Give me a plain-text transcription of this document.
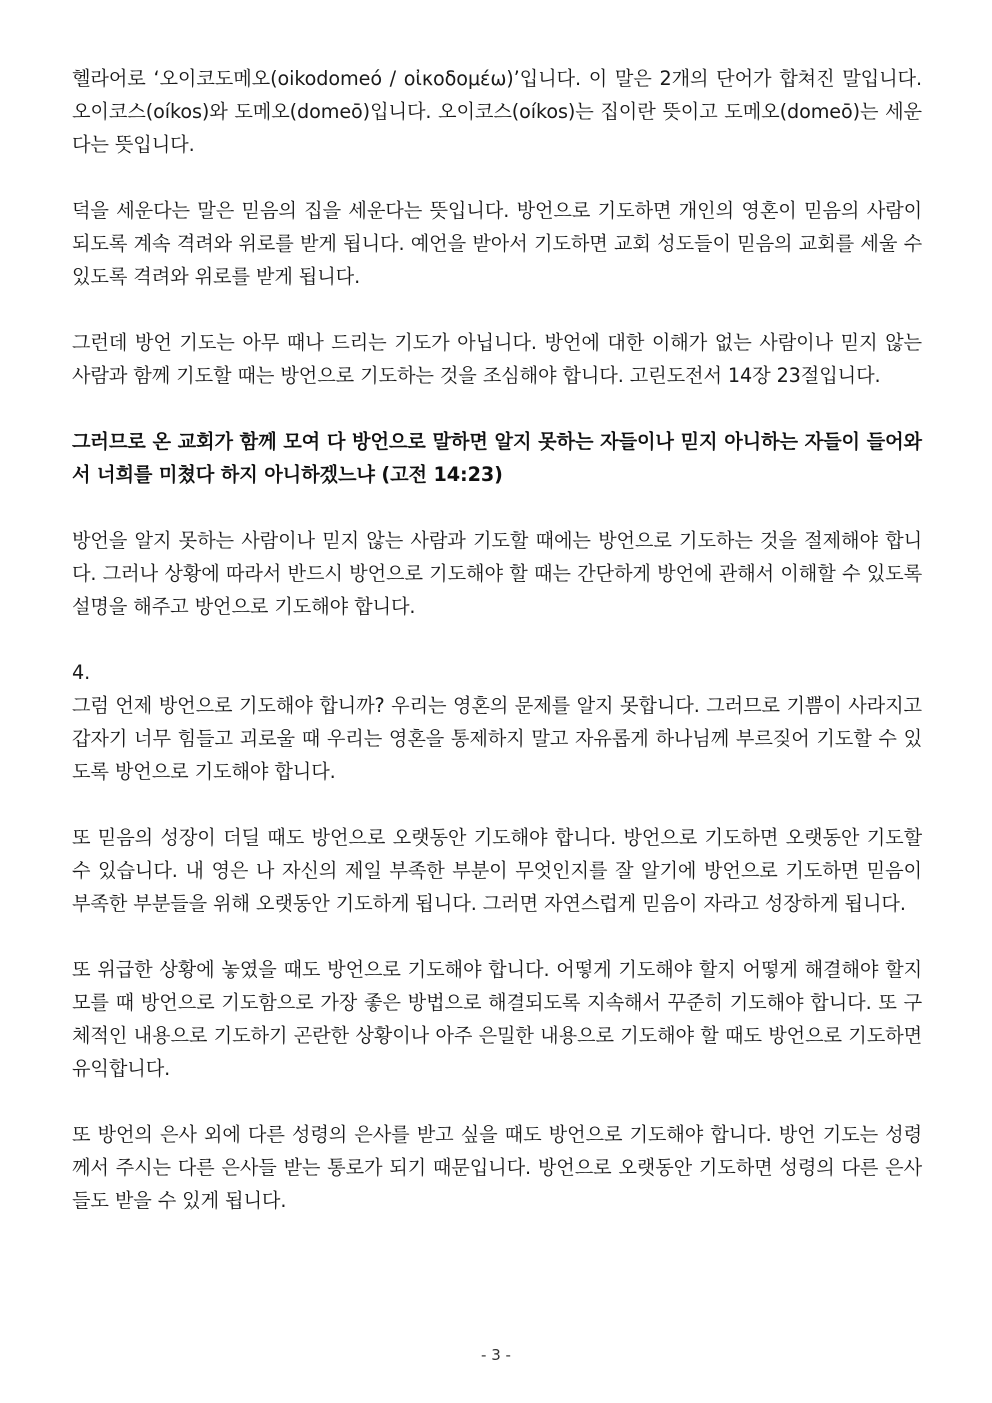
헬라어로 ‘오이코도메오(oikodomeó / οἰκοδομέω)’입니다. 이 말은 2개의 단어가 합쳐진 말입니다. 오이코스(oíkos)와 도메오(domeō)입니다. 오이코스(oíkos)는 집이란 뜻이고 도메오(domeō)는 세운다는 뜻입니다.

덕을 세운다는 말은 믿음의 집을 세운다는 뜻입니다. 방언으로 기도하면 개인의 영혼이 믿음의 사람이 되도록 계속 격려와 위로를 받게 됩니다. 예언을 받아서 기도하면 교회 성도들이 믿음의 교회를 세울 수 있도록 격려와 위로를 받게 됩니다.

그런데 방언 기도는 아무 때나 드리는 기도가 아닙니다. 방언에 대한 이해가 없는 사람이나 믿지 않는 사람과 함께 기도할 때는 방언으로 기도하는 것을 조심해야 합니다. 고린도전서 14장 23절입니다.

그러므로 온 교회가 함께 모여 다 방언으로 말하면 알지 못하는 자들이나 믿지 아니하는 자들이 들어와서 너희를 미쳤다 하지 아니하겠느냐 (고전 14:23)

방언을 알지 못하는 사람이나 믿지 않는 사람과 기도할 때에는 방언으로 기도하는 것을 절제해야 합니다. 그러나 상황에 따라서 반드시 방언으로 기도해야 할 때는 간단하게 방언에 관해서 이해할 수 있도록 설명을 해주고 방언으로 기도해야 합니다.

4.

그럼 언제 방언으로 기도해야 합니까? 우리는 영혼의 문제를 알지 못합니다. 그러므로 기쁨이 사라지고 갑자기 너무 힘들고 괴로울 때 우리는 영혼을 통제하지 말고 자유롭게 하나님께 부르짖어 기도할 수 있도록 방언으로 기도해야 합니다.

또 믿음의 성장이 더딜 때도 방언으로 오랫동안 기도해야 합니다. 방언으로 기도하면 오랫동안 기도할 수 있습니다. 내 영은 나 자신의 제일 부족한 부분이 무엇인지를 잘 알기에 방언으로 기도하면 믿음이 부족한 부분들을 위해 오랫동안 기도하게 됩니다. 그러면 자연스럽게 믿음이 자라고 성장하게 됩니다.

또 위급한 상황에 놓였을 때도 방언으로 기도해야 합니다. 어떻게 기도해야 할지 어떻게 해결해야 할지 모를 때 방언으로 기도함으로 가장 좋은 방법으로 해결되도록 지속해서 꾸준히 기도해야 합니다. 또 구체적인 내용으로 기도하기 곤란한 상황이나 아주 은밀한 내용으로 기도해야 할 때도 방언으로 기도하면 유익합니다.

또 방언의 은사 외에 다른 성령의 은사를 받고 싶을 때도 방언으로 기도해야 합니다. 방언 기도는 성령께서 주시는 다른 은사들 받는 통로가 되기 때문입니다. 방언으로 오랫동안 기도하면 성령의 다른 은사들도 받을 수 있게 됩니다.

- 3 -
